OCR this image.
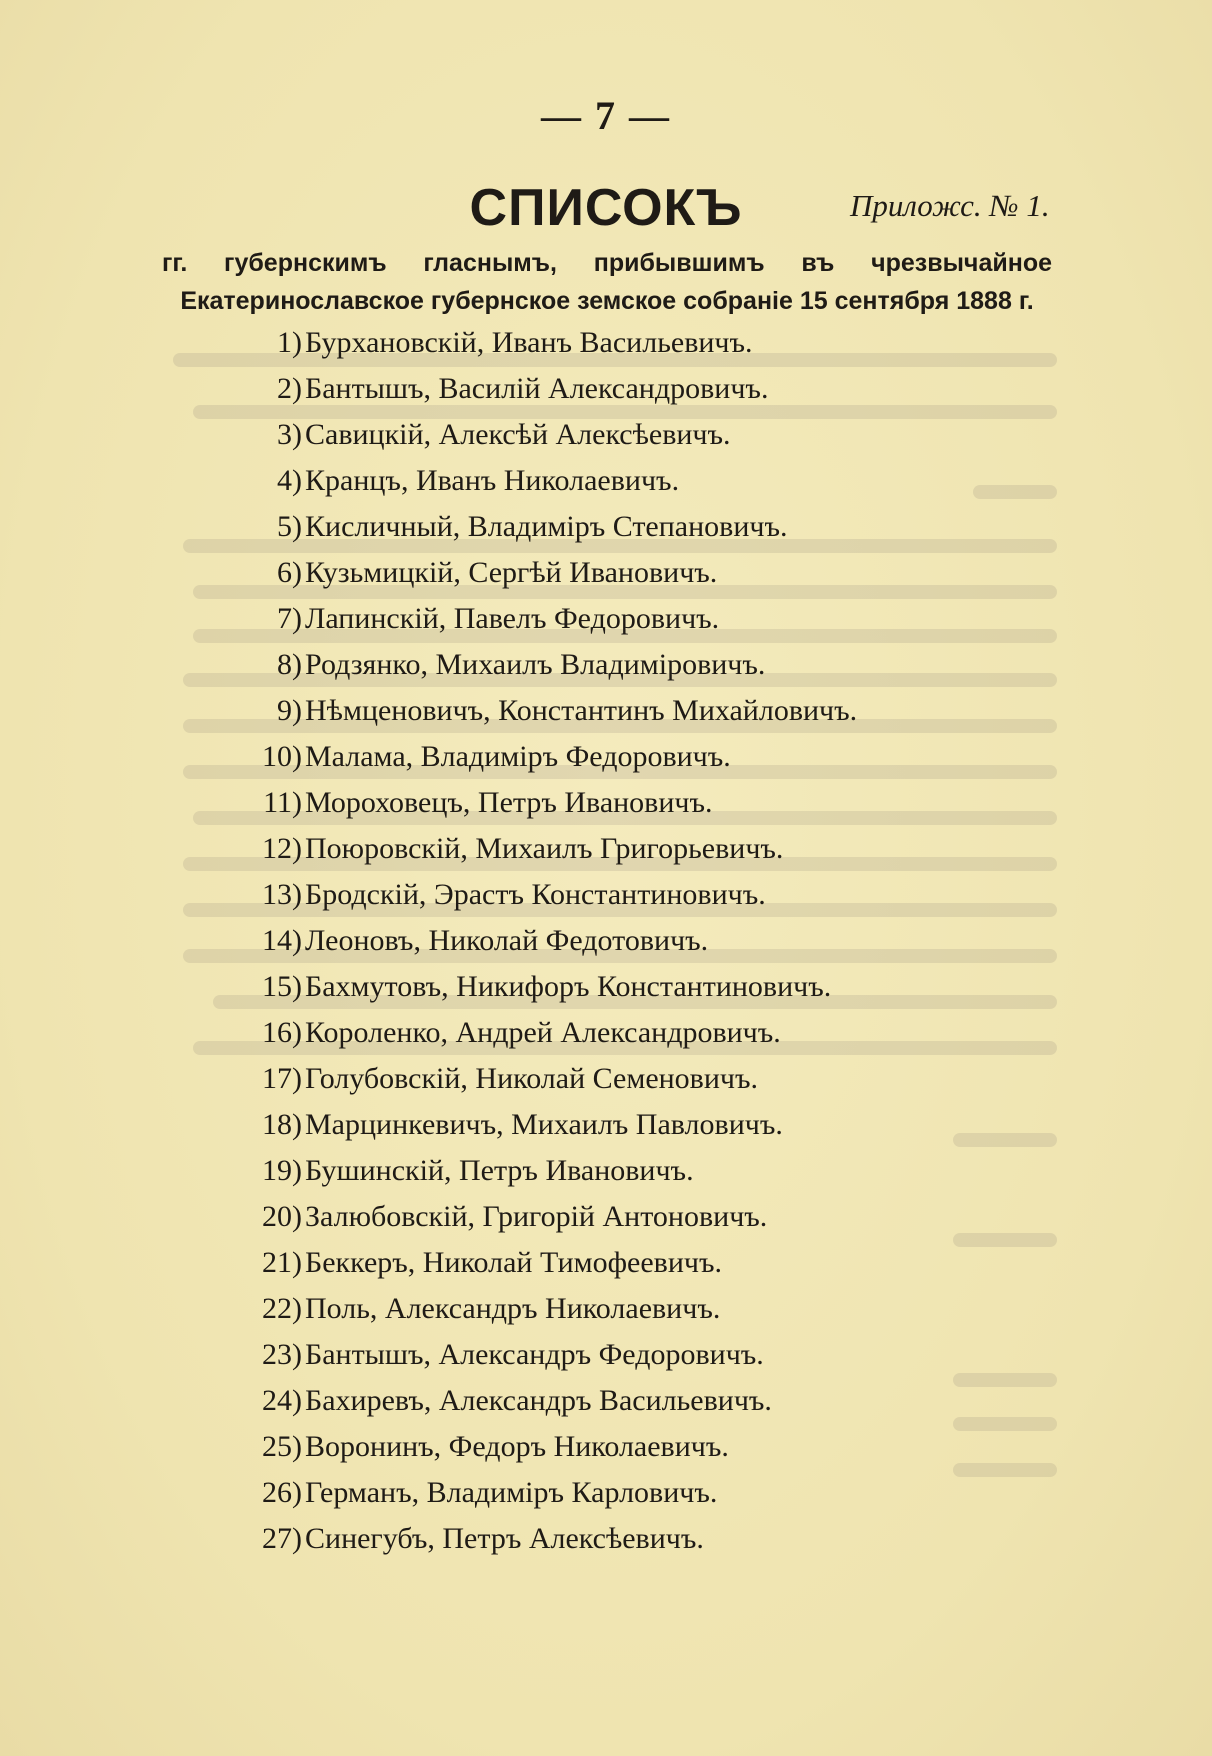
— 7 —
СПИСОКЪ	Приложс. № 1.
гг. губернскимъ гласнымъ, прибывшимъ въ чрезвычайное Екатеринославское губернское земское собраніе 15 сентября 1888 г.
1) Бурхановскій, Иванъ Васильевичъ.
2) Бантышъ, Василій Александровичъ.
3) Савицкій, Алексѣй Алексѣевичъ.
4) Кранцъ, Иванъ Николаевичъ.
5) Кисличный, Владиміръ Степановичъ.
6) Кузьмицкій, Сергѣй Ивановичъ.
7) Лапинскій, Павелъ Федоровичъ.
8) Родзянко, Михаилъ Владиміровичъ.
9) Нѣмценовичъ, Константинъ Михайловичъ.
10) Малама, Владиміръ Федоровичъ.
11) Мороховецъ, Петръ Ивановичъ.
12) Поюровскій, Михаилъ Григорьевичъ.
13) Бродскій, Эрастъ Константиновичъ.
14) Леоновъ, Николай Федотовичъ.
15) Бахмутовъ, Никифоръ Константиновичъ.
16) Короленко, Андрей Александровичъ.
17) Голубовскій, Николай Семеновичъ.
18) Марцинкевичъ, Михаилъ Павловичъ.
19) Бушинскій, Петръ Ивановичъ.
20) Залюбовскій, Григорій Антоновичъ.
21) Беккеръ, Николай Тимофеевичъ.
22) Поль, Александръ Николаевичъ.
23) Бантышъ, Александръ Федоровичъ.
24) Бахиревъ, Александръ Васильевичъ.
25) Воронинъ, Федоръ Николаевичъ.
26) Германъ, Владиміръ Карловичъ.
27) Синегубъ, Петръ Алексѣевичъ.
